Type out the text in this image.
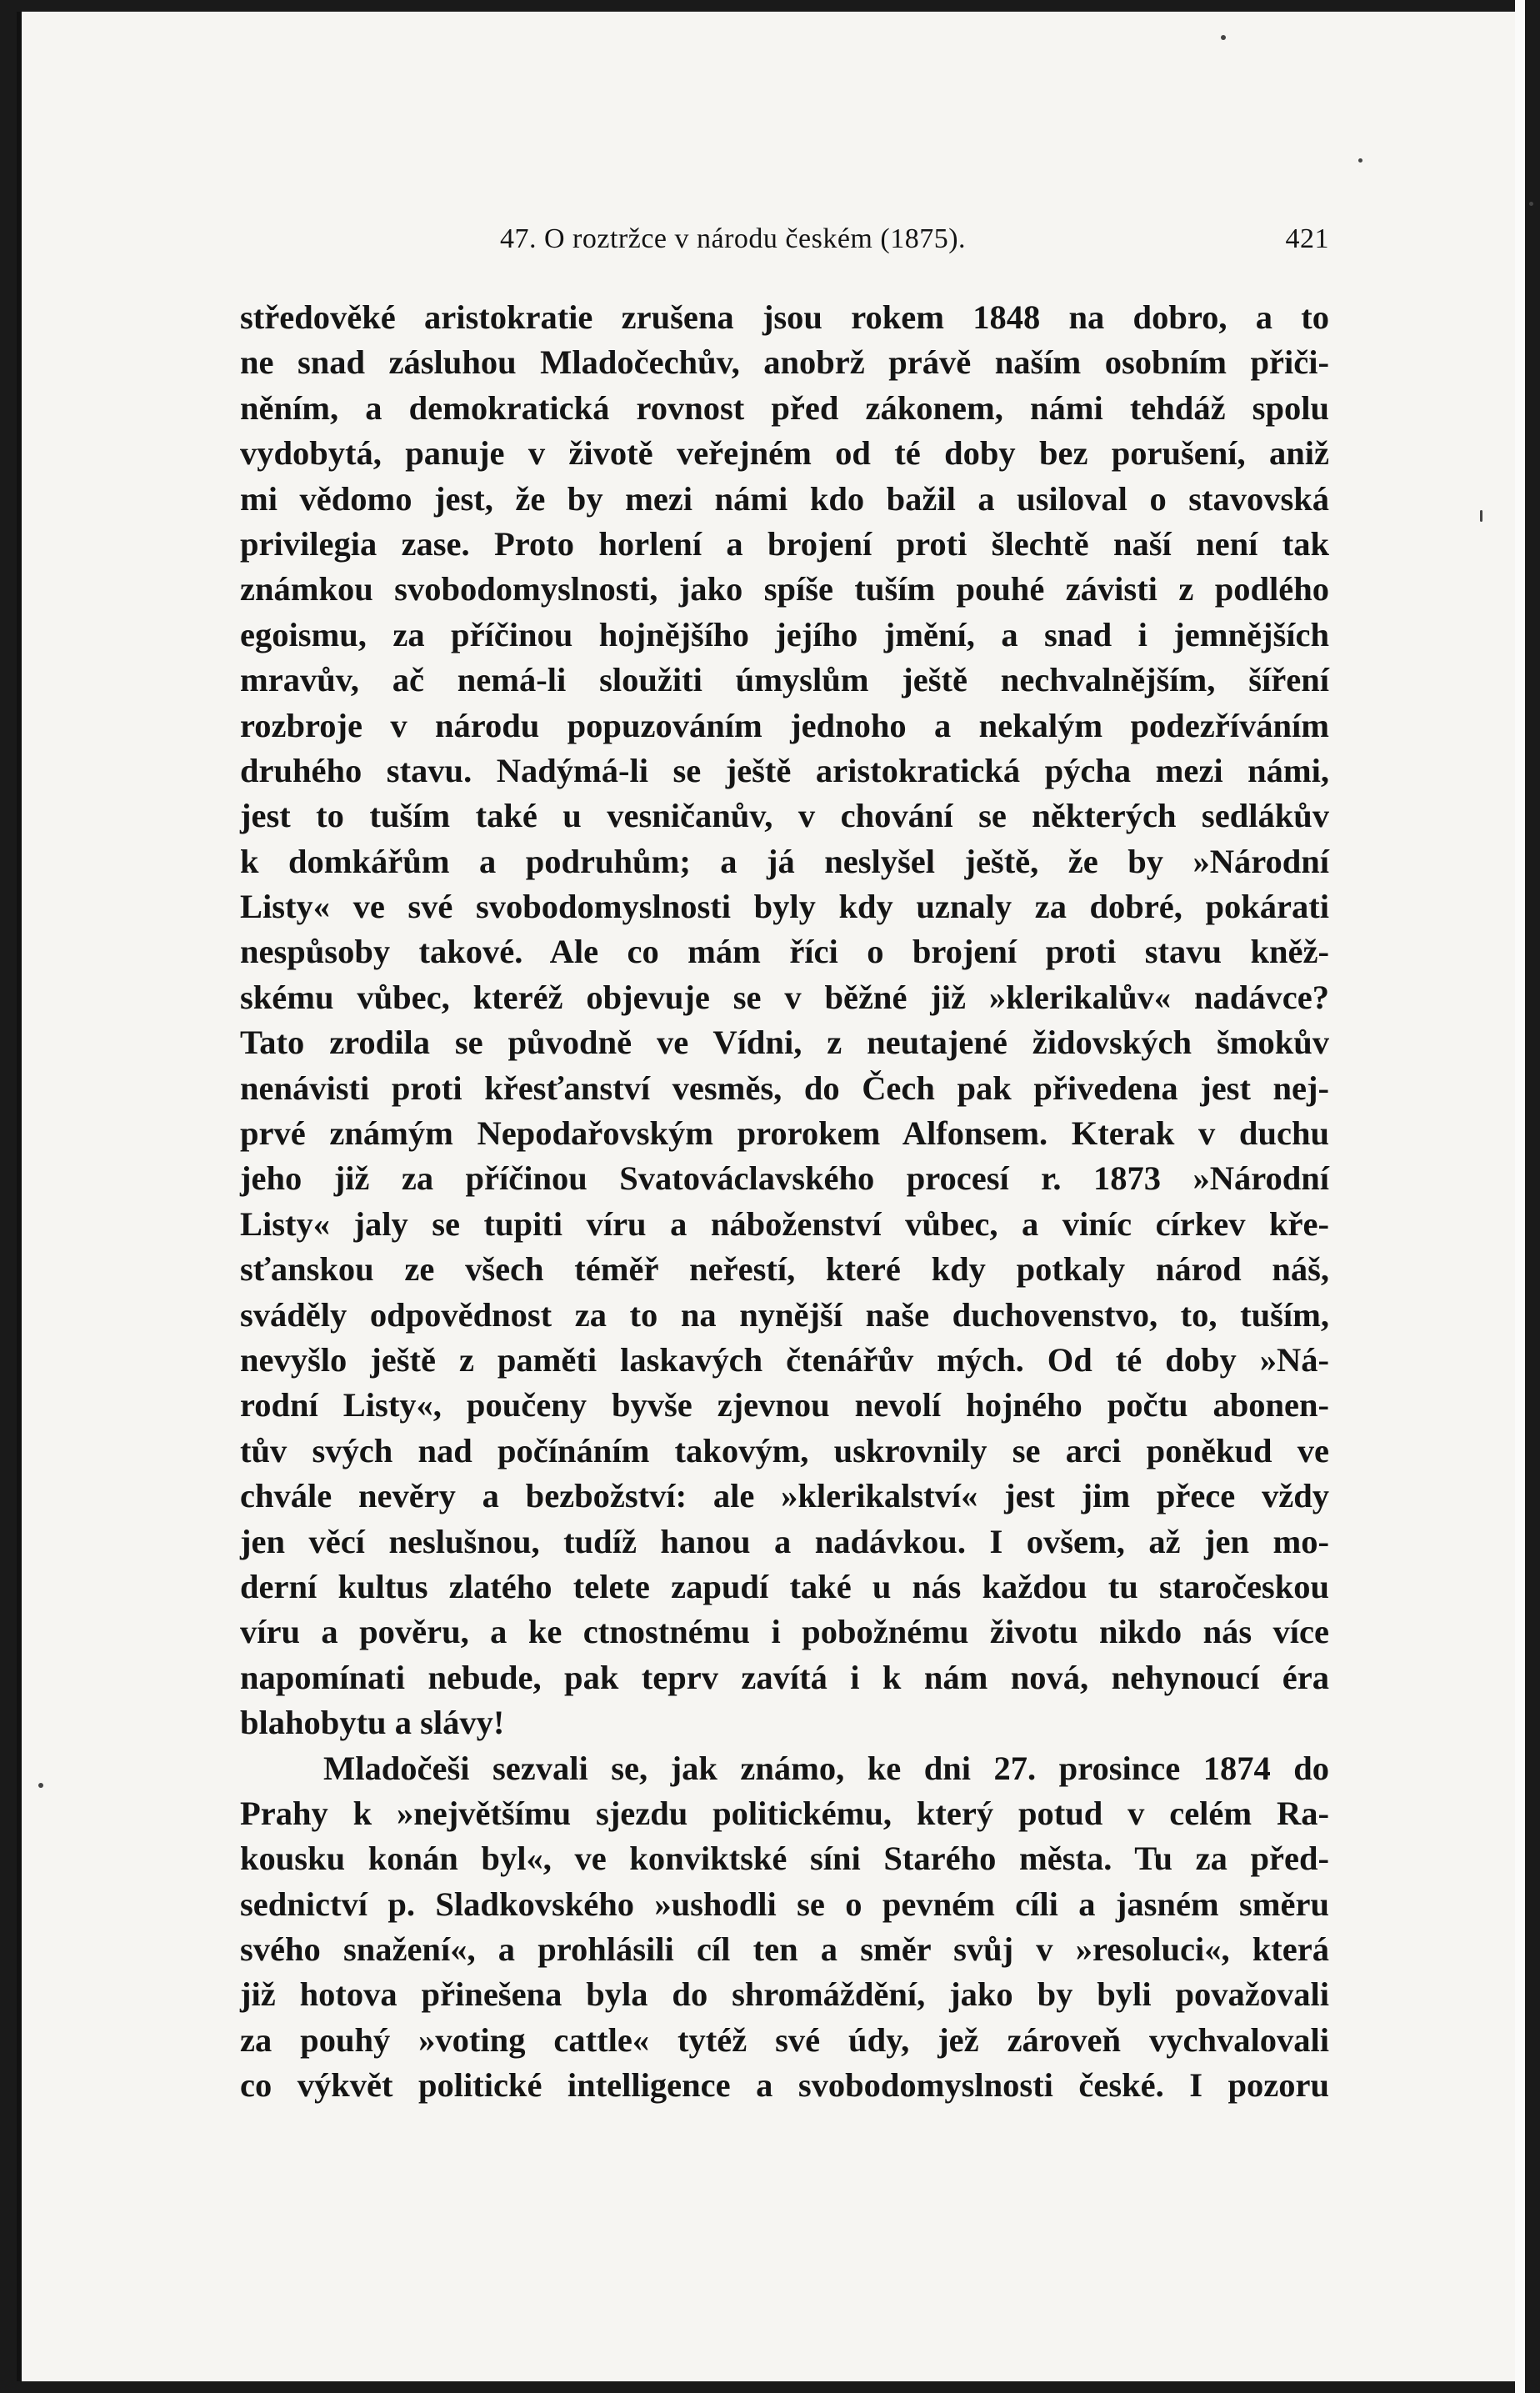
47. O roztržce v národu českém (1875).	421
středověké aristokratie zrušena jsou rokem 1848 na dobro, a to
ne snad zásluhou Mladočechův, anobrž právě naším osobním přiči-
něním, a demokratická rovnost před zákonem, námi tehdáž spolu
vydobytá, panuje v životě veřejném od té doby bez porušení, aniž
mi vědomo jest, že by mezi námi kdo bažil a usiloval o stavovská
privilegia zase. Proto horlení a brojení proti šlechtě naší není tak
známkou svobodomyslnosti, jako spíše tuším pouhé závisti z podlého
egoismu, za příčinou hojnějšího jejího jmění, a snad i jemnějších
mravův, ač nemá-li sloužiti úmyslům ještě nechvalnějším, šíření
rozbroje v národu popuzováním jednoho a nekalým podezříváním
druhého stavu. Nadýmá-li se ještě aristokratická pýcha mezi námi,
jest to tuším také u vesničanův, v chování se některých sedlákův
k domkářům a podruhům; a já neslyšel ještě, že by »Národní
Listy« ve své svobodomyslnosti byly kdy uznaly za dobré, pokárati
nespůsoby takové. Ale co mám říci o brojení proti stavu kněž-
skému vůbec, kteréž objevuje se v běžné již »klerikalův« nadávce?
Tato zrodila se původně ve Vídni, z neutajené židovských šmokův
nenávisti proti křesťanství vesměs, do Čech pak přivedena jest nej-
prvé známým Nepodařovským prorokem Alfonsem. Kterak v duchu
jeho již za příčinou Svatováclavského procesí r. 1873 »Národní
Listy« jaly se tupiti víru a náboženství vůbec, a viníc církev kře-
sťanskou ze všech téměř neřestí, které kdy potkaly národ náš,
sváděly odpovědnost za to na nynější naše duchovenstvo, to, tuším,
nevyšlo ještě z paměti laskavých čtenářův mých. Od té doby »Ná-
rodní Listy«, poučeny byvše zjevnou nevolí hojného počtu abonen-
tův svých nad počínáním takovým, uskrovnily se arci poněkud ve
chvále nevěry a bezbožství: ale »klerikalství« jest jim přece vždy
jen věcí neslušnou, tudíž hanou a nadávkou. I ovšem, až jen mo-
derní kultus zlatého telete zapudí také u nás každou tu staročeskou
víru a pověru, a ke ctnostnému i pobožnému životu nikdo nás více
napomínati nebude, pak teprv zavítá i k nám nová, nehynoucí éra
blahobytu a slávy!
Mladočeši sezvali se, jak známo, ke dni 27. prosince 1874 do
Prahy k »největšímu sjezdu politickému, který potud v celém Ra-
kousku konán byl«, ve konviktské síni Starého města. Tu za před-
sednictví p. Sladkovského »ushodli se o pevném cíli a jasném směru
svého snažení«, a prohlásili cíl ten a směr svůj v »resoluci«, která
již hotova přinešena byla do shromáždění, jako by byli považovali
za pouhý »voting cattle« tytéž své údy, jež zároveň vychvalovali
co výkvět politické intelligence a svobodomyslnosti české. I pozoru
